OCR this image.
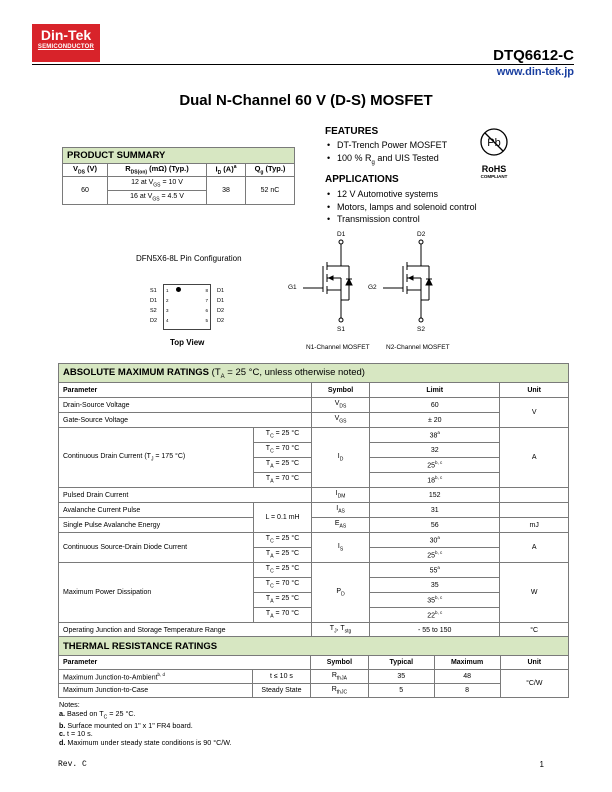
Din-Tek
SEMICONDUCTOR	DTQ6612-C
www.din-tek.jp
Dual N-Channel 60 V (D-S) MOSFET
FEATURES
• DT-Trench Power MOSFET
• 100 % $R_g$ and UIS Tested
Pb
RoHS
COMPLIANT
APPLICATIONS
• 12 V Automotive systems
• Motors, lamps and solenoid control
• Transmission control
PRODUCT SUMMARY			
$V_{DS}$ (V)	$R_{DS(on)}$ (mΩ) (Typ.)	$I_D$ $(A)^a$	$Q_g$ (Typ.)
60	12 at $V_{GS} = 10$ V	38	52 nC
	16 at $V_{GS} = 4.5$ V		
DFN5X6-8L Pin Configuration
S1
D1
S2
D2
1
2
3
4
8
7
6
5
D1
D1
D2
D2
Top View
D1
G1
S1
D2
G2
S2
N1-Channel MOSFET	N2-Channel MOSFET
ABSOLUTE MAXIMUM RATINGS ($T_A = 25$ °C, unless otherwise noted)				
Parameter		Symbol	Limit	Unit
Drain-Source Voltage		$V_{DS}$	60	V
Gate-Source Voltage		$V_{GS}$	± 20	
Continuous Drain Current ($T_J = 175$ °C)	$T_C = 25$ °C	$I_D$	38$^a$	A
	$T_C = 70$ °C		32	
	$T_A = 25$ °C		25$^{b, c}$
	$T_A = 70$ °C		18$^{b, c}$
Pulsed Drain Current		$I_{DM}$	152	
Avalanche Current Pulse	L = 0.1 mH	$I_{AS}$	31	
Single Pulse Avalanche Energy		$E_{AS}$	56	mJ
Continuous Source-Drain Diode Current	$T_C = 25$ °C	$I_S$	30$^a$	A
	$T_A = 25$ °C		25$^{b, c}$
Maximum Power Dissipation	$T_C = 25$ °C	$P_D$	55$^a$	W
	$T_C = 70$ °C		35	
	$T_A = 25$ °C		35$^{b, c}$
	$T_A = 70$ °C		22$^{b, c}$
Operating Junction and Storage Temperature Range		$T_J$, $T_{stg}$	- 55 to 150	°C
THERMAL RESISTANCE RATINGS					
Parameter		Symbol	Typical	Maximum	Unit
Maximum Junction-to-Ambient$^{b, d}$	t ≤ 10 s	$R_{thJA}$	35	48	°C/W
Maximum Junction-to-Case	Steady State	$R_{thJC}$	5	8	
Notes:
a. Based on $T_C = 25$ °C.
b. Surface mounted on 1" x 1" FR4 board.
c. t = 10 s.
d. Maximum under steady state conditions is 90 °C/W.
Rev. C	1
